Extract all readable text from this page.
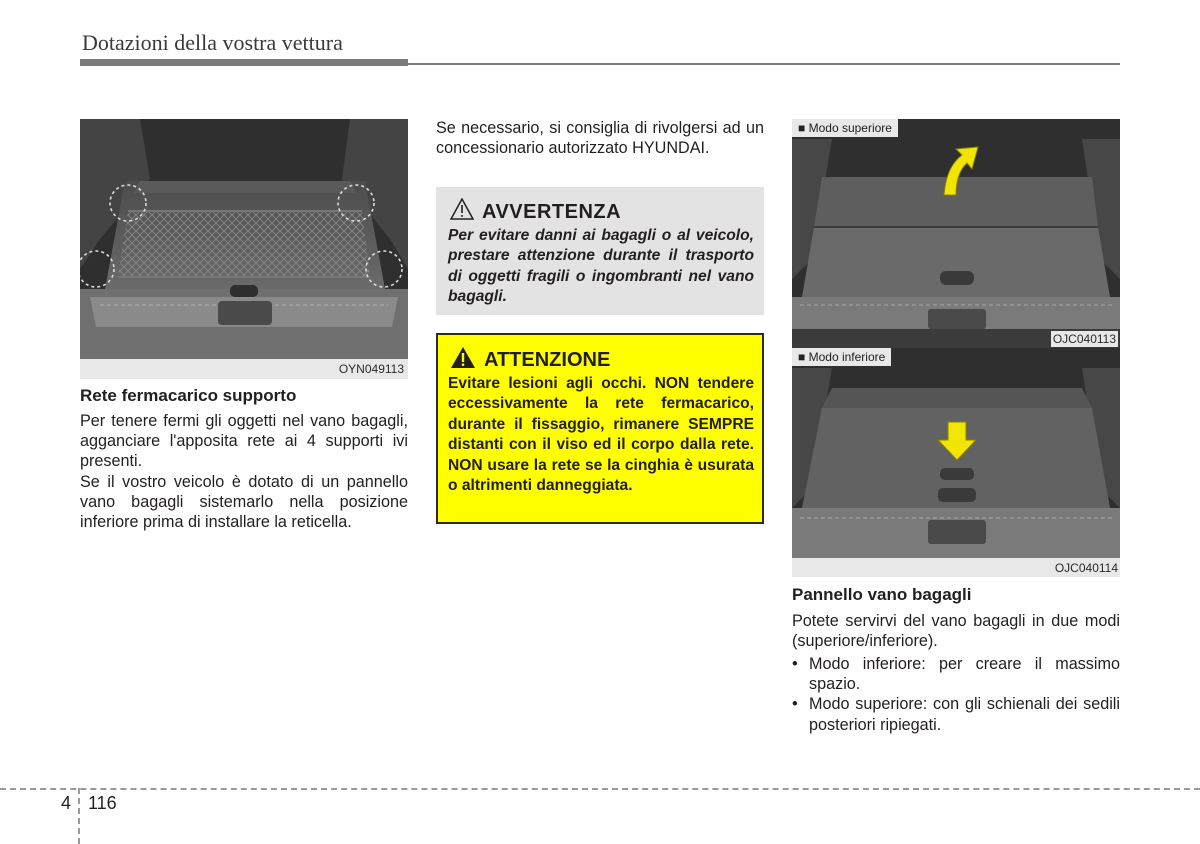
Dotazioni della vostra vettura
OYN049113
Rete fermacarico supporto

Per tenere fermi gli oggetti nel vano bagagli, agganciare l'apposita rete ai 4 supporti ivi presenti.

Se il vostro veicolo è dotato di un pannello vano bagagli sistemarlo nella posizione inferiore prima di installare la reticella.

Se necessario, si consiglia di rivolgersi ad un concessionario autorizzato HYUNDAI.

AVVERTENZA

Per evitare danni ai bagagli o al veicolo, prestare attenzione durante il trasporto di oggetti fragili o ingombranti nel vano bagagli.

ATTENZIONE

Evitare lesioni agli occhi. NON tendere eccessivamente la rete fermacarico, durante il fissaggio, rimanere SEMPRE distanti con il viso ed il corpo dalla rete. NON usare la rete se la cinghia è usurata o altrimenti danneggiata.

■ Modo superiore
OJC040113
■ Modo inferiore
OJC040114
Pannello vano bagagli

Potete servirvi del vano bagagli in due modi (superiore/inferiore).

• Modo inferiore: per creare il massimo spazio.
• Modo superiore: con gli schienali dei sedili posteriori ripiegati.
4 116
